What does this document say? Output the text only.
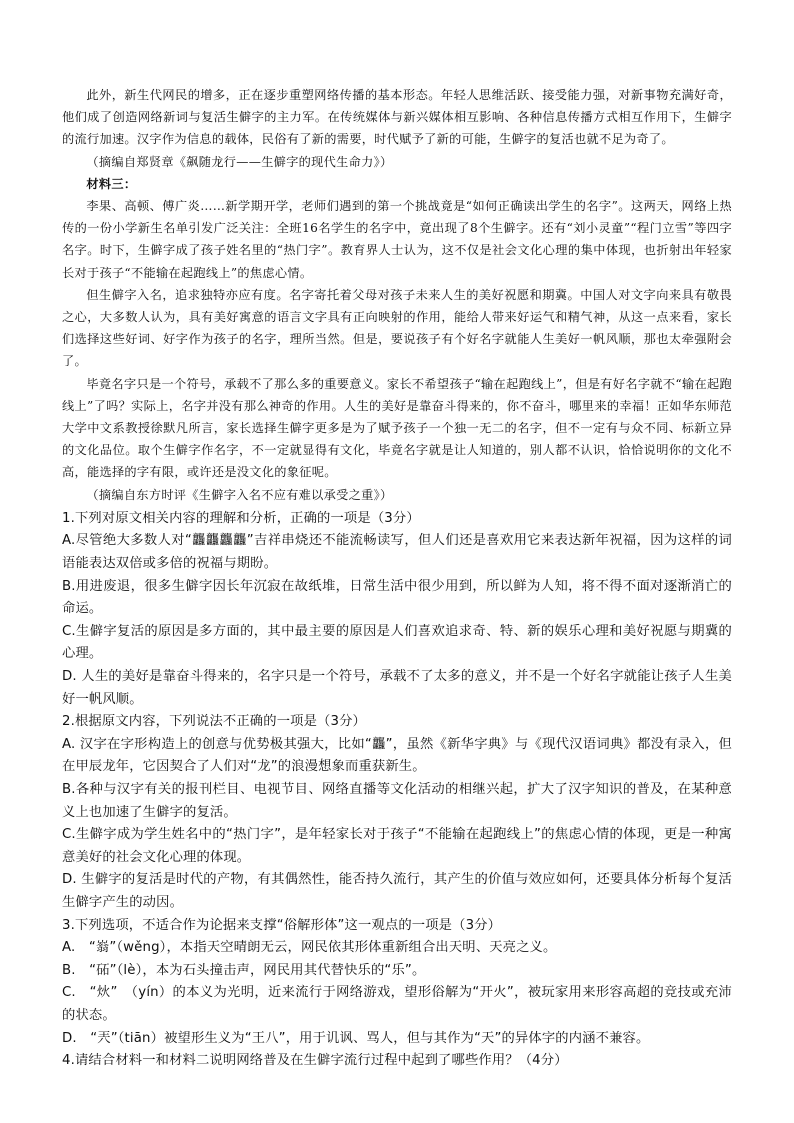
此外，新生代网民的增多，正在逐步重塑网络传播的基本形态。年轻人思维活跃、接受能力强，对新事物充满好奇，他们成了创造网络新词与复活生僻字的主力军。在传统媒体与新兴媒体相互影响、各种信息传播方式相互作用下，生僻字的流行加速。汉字作为信息的载体，民俗有了新的需要，时代赋予了新的可能，生僻字的复活也就不足为奇了。

（摘编自郑贤章《飙随龙行——生僻字的现代生命力》）

材料三：

李果、高顿、傅广炎……新学期开学，老师们遇到的第一个挑战竟是“如何正确读出学生的名字”。这两天，网络上热传的一份小学新生名单引发广泛关注：全班16名学生的名字中，竟出现了8个生僻字。还有“刘小灵童”“程门立雪”等四字名字。时下，生僻字成了孩子姓名里的“热门字”。教育界人士认为，这不仅是社会文化心理的集中体现，也折射出年轻家长对于孩子“不能输在起跑线上”的焦虑心情。

但生僻字入名，追求独特亦应有度。名字寄托着父母对孩子未来人生的美好祝愿和期冀。中国人对文字向来具有敬畏之心，大多数人认为，具有美好寓意的语言文字具有正向映射的作用，能给人带来好运气和精气神，从这一点来看，家长们选择这些好词、好字作为孩子的名字，理所当然。但是，要说孩子有个好名字就能人生美好一帆风顺，那也太牵强附会了。

毕竟名字只是一个符号，承载不了那么多的重要意义。家长不希望孩子“输在起跑线上”，但是有好名字就不“输在起跑线上”了吗？实际上，名字并没有那么神奇的作用。人生的美好是靠奋斗得来的，你不奋斗，哪里来的幸福！正如华东师范大学中文系教授徐默凡所言，家长选择生僻字更多是为了赋予孩子一个独一无二的名字，但不一定有与众不同、标新立异的文化品位。取个生僻字作名字，不一定就显得有文化，毕竟名字就是让人知道的，别人都不认识，恰恰说明你的文化不高，能选择的字有限，或许还是没文化的象征呢。

（摘编自东方时评《生僻字入名不应有难以承受之重》）

1.下列对原文相关内容的理解和分析，正确的一项是（3分）

A.尽管绝大多数人对“龘龘龘龘”吉祥串烧还不能流畅读写，但人们还是喜欢用它来表达新年祝福，因为这样的词语能表达双倍或多倍的祝福与期盼。

B.用进废退，很多生僻字因长年沉寂在故纸堆，日常生活中很少用到，所以鲜为人知，将不得不面对逐渐消亡的命运。

C.生僻字复活的原因是多方面的，其中最主要的原因是人们喜欢追求奇、特、新的娱乐心理和美好祝愿与期冀的心理。

D. 人生的美好是靠奋斗得来的，名字只是一个符号，承载不了太多的意义，并不是一个好名字就能让孩子人生美好一帆风顺。

2.根据原文内容，下列说法不正确的一项是（3分）

A. 汉字在字形构造上的创意与优势极其强大，比如“龘”，虽然《新华字典》与《现代汉语词典》都没有录入，但在甲辰龙年，它因契合了人们对“龙”的浪漫想象而重获新生。

B.各种与汉字有关的报刊栏目、电视节目、网络直播等文化活动的相继兴起，扩大了汉字知识的普及，在某种意义上也加速了生僻字的复活。

C.生僻字成为学生姓名中的“热门字”，是年轻家长对于孩子“不能输在起跑线上”的焦虑心情的体现，更是一种寓意美好的社会文化心理的体现。

D. 生僻字的复活是时代的产物，有其偶然性，能否持久流行，其产生的价值与效应如何，还要具体分析每个复活生僻字产生的动因。

3.下列选项，不适合作为论据来支撑“俗解形体”这一观点的一项是（3分）

A.　“嵡”（wěng），本指天空晴朗无云，网民依其形体重新组合出天明、天亮之义。

B.　“砳”（lè），本为石头撞击声，网民用其代替快乐的“乐”。

C.　“炏”　（yín）的本义为光明，近来流行于网络游戏，望形俗解为“开火”，被玩家用来形容高超的竞技或充沛的状态。

D.　“兲”（tiān）被望形生义为“王八”，用于讥讽、骂人，但与其作为“天”的异体字的内涵不兼容。

4.请结合材料一和材料二说明网络普及在生僻字流行过程中起到了哪些作用？（4分）
